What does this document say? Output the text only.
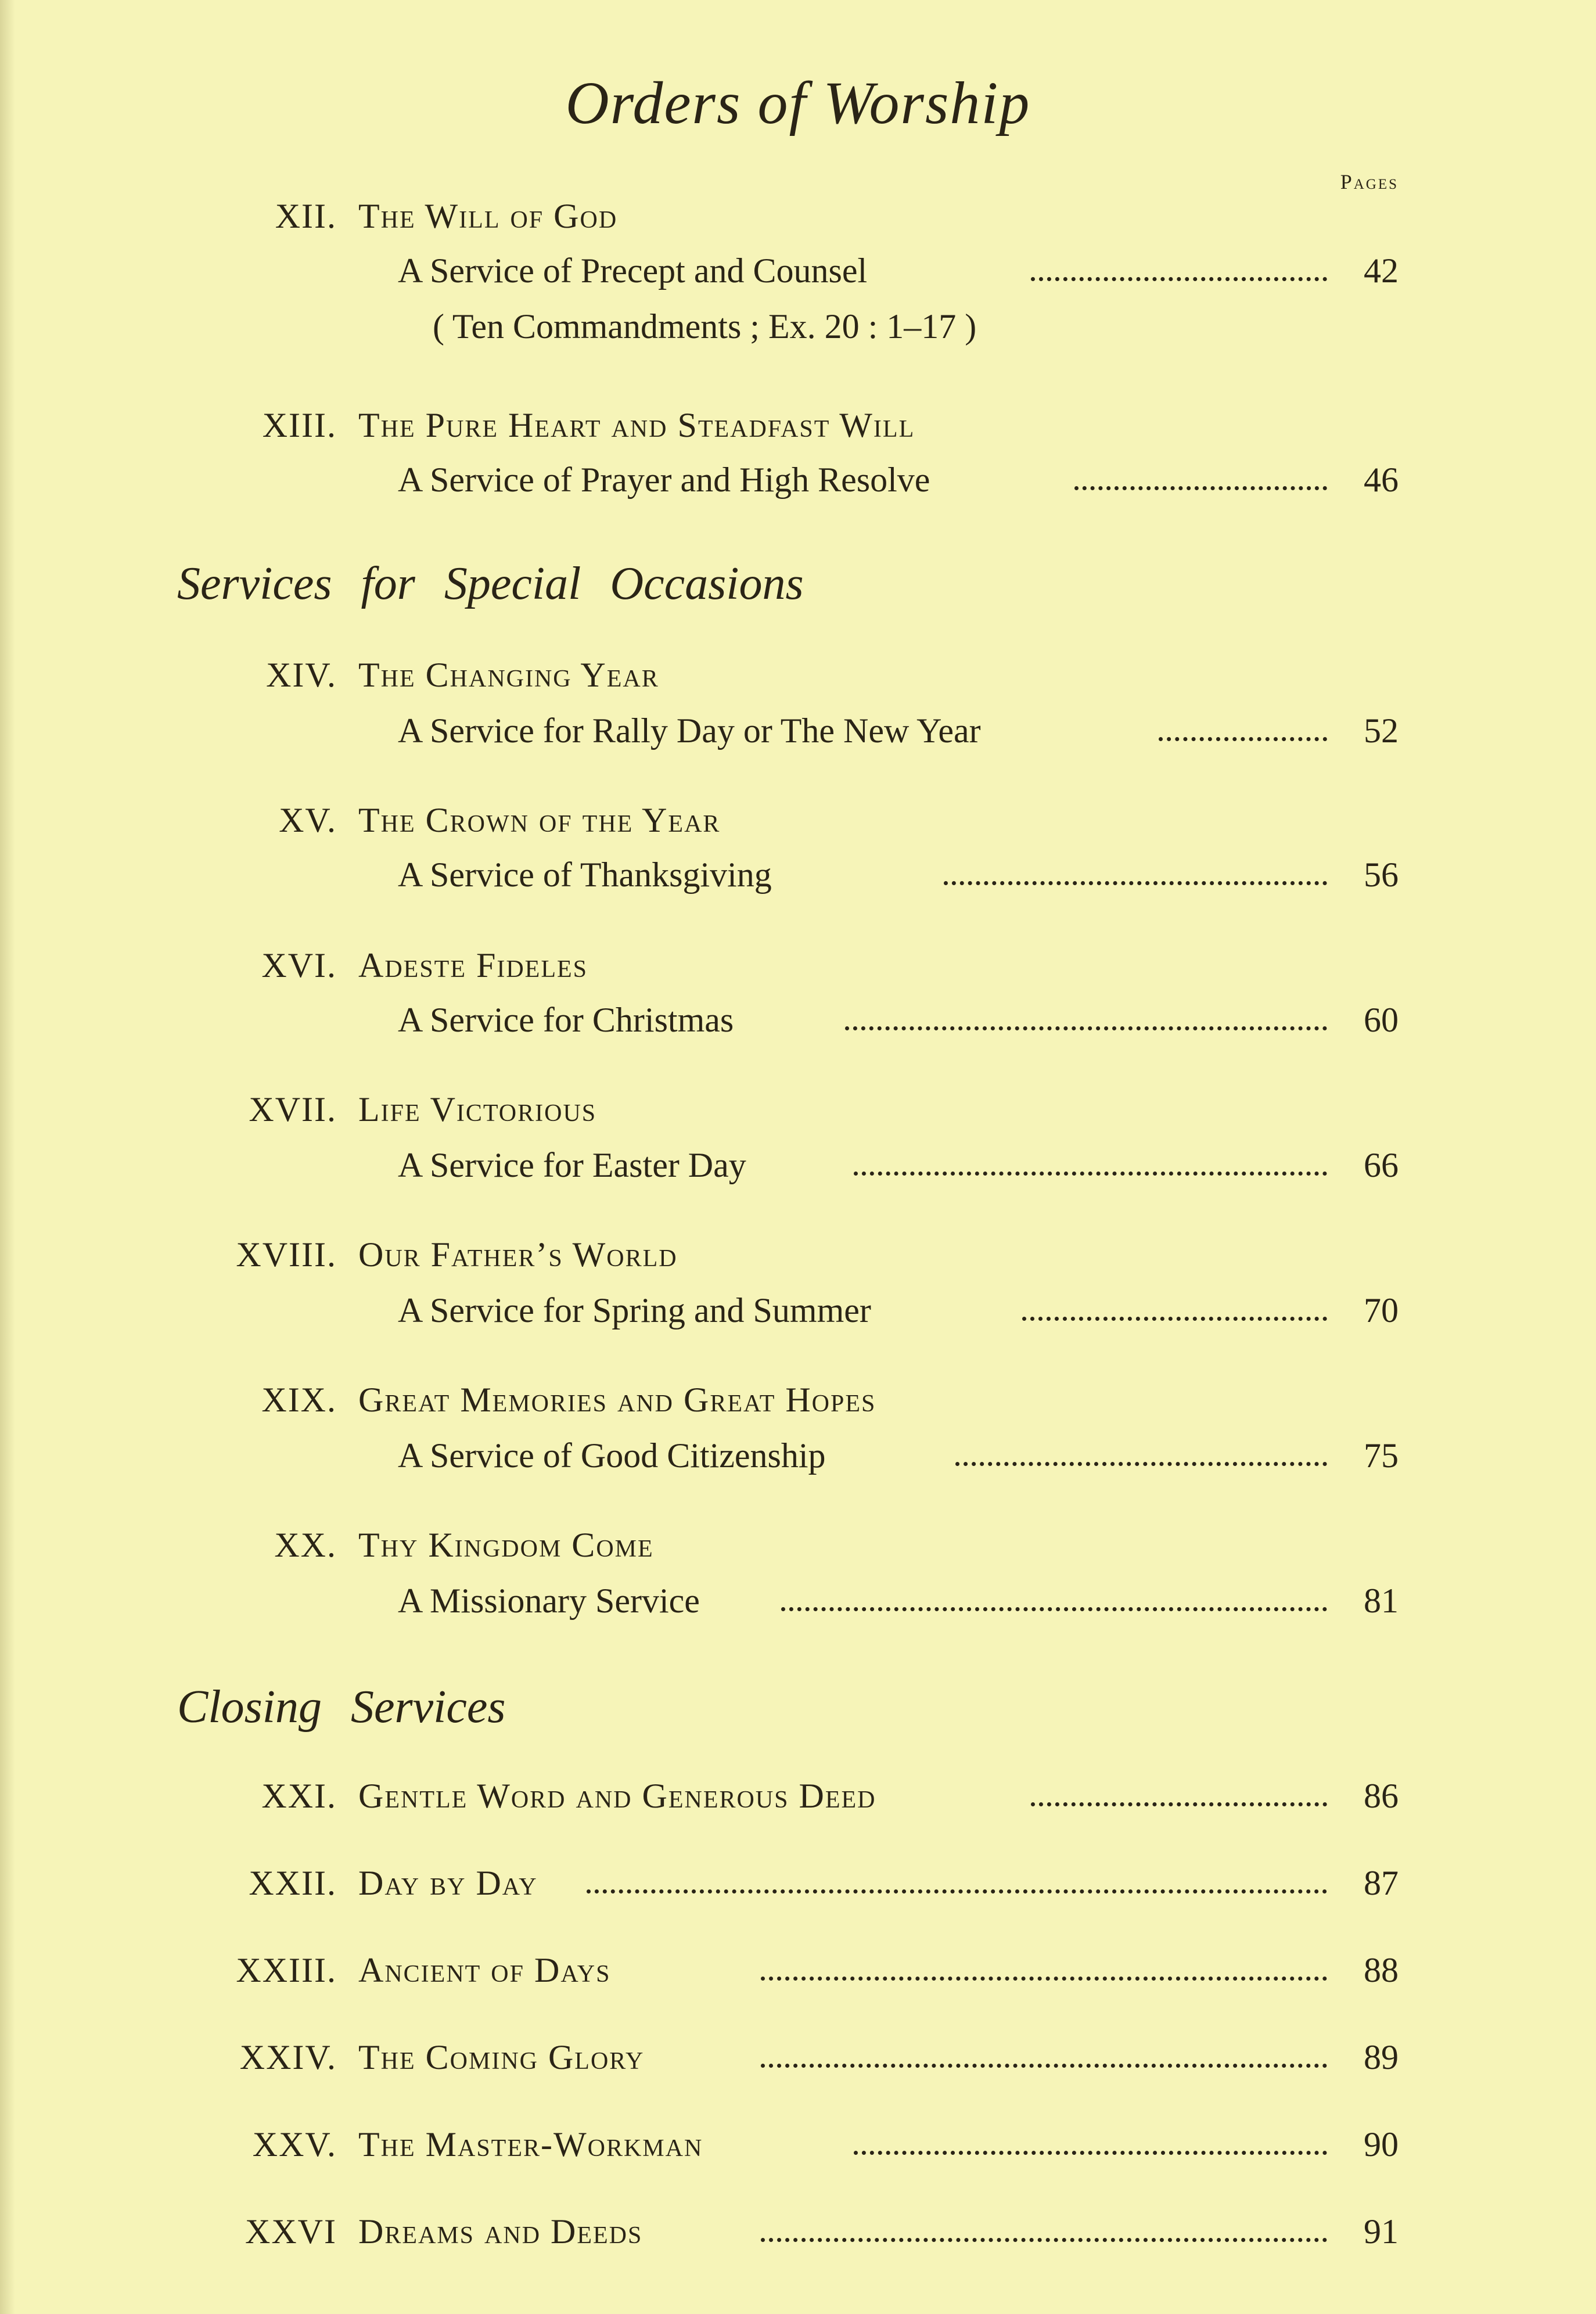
Orders of Worship
Pages
XII. The Will of God
A Service of Precept and Counsel	42
( Ten Commandments ; Ex. 20 : 1–17 )
XIII. The Pure Heart and Steadfast Will
A Service of Prayer and High Resolve	46
Services for Special Occasions
XIV. The Changing Year
A Service for Rally Day or The New Year	52
XV. The Crown of the Year
A Service of Thanksgiving	56
XVI. Adeste Fideles
A Service for Christmas	60
XVII. Life Victorious
A Service for Easter Day	66
XVIII. Our Father’s World
A Service for Spring and Summer	70
XIX. Great Memories and Great Hopes
A Service of Good Citizenship	75
XX. Thy Kingdom Come
A Missionary Service	81
Closing Services
XXI. Gentle Word and Generous Deed	86
XXII. Day by Day	87
XXIII. Ancient of Days	88
XXIV. The Coming Glory	89
XXV. The Master-Workman	90
XXVI Dreams and Deeds	91
